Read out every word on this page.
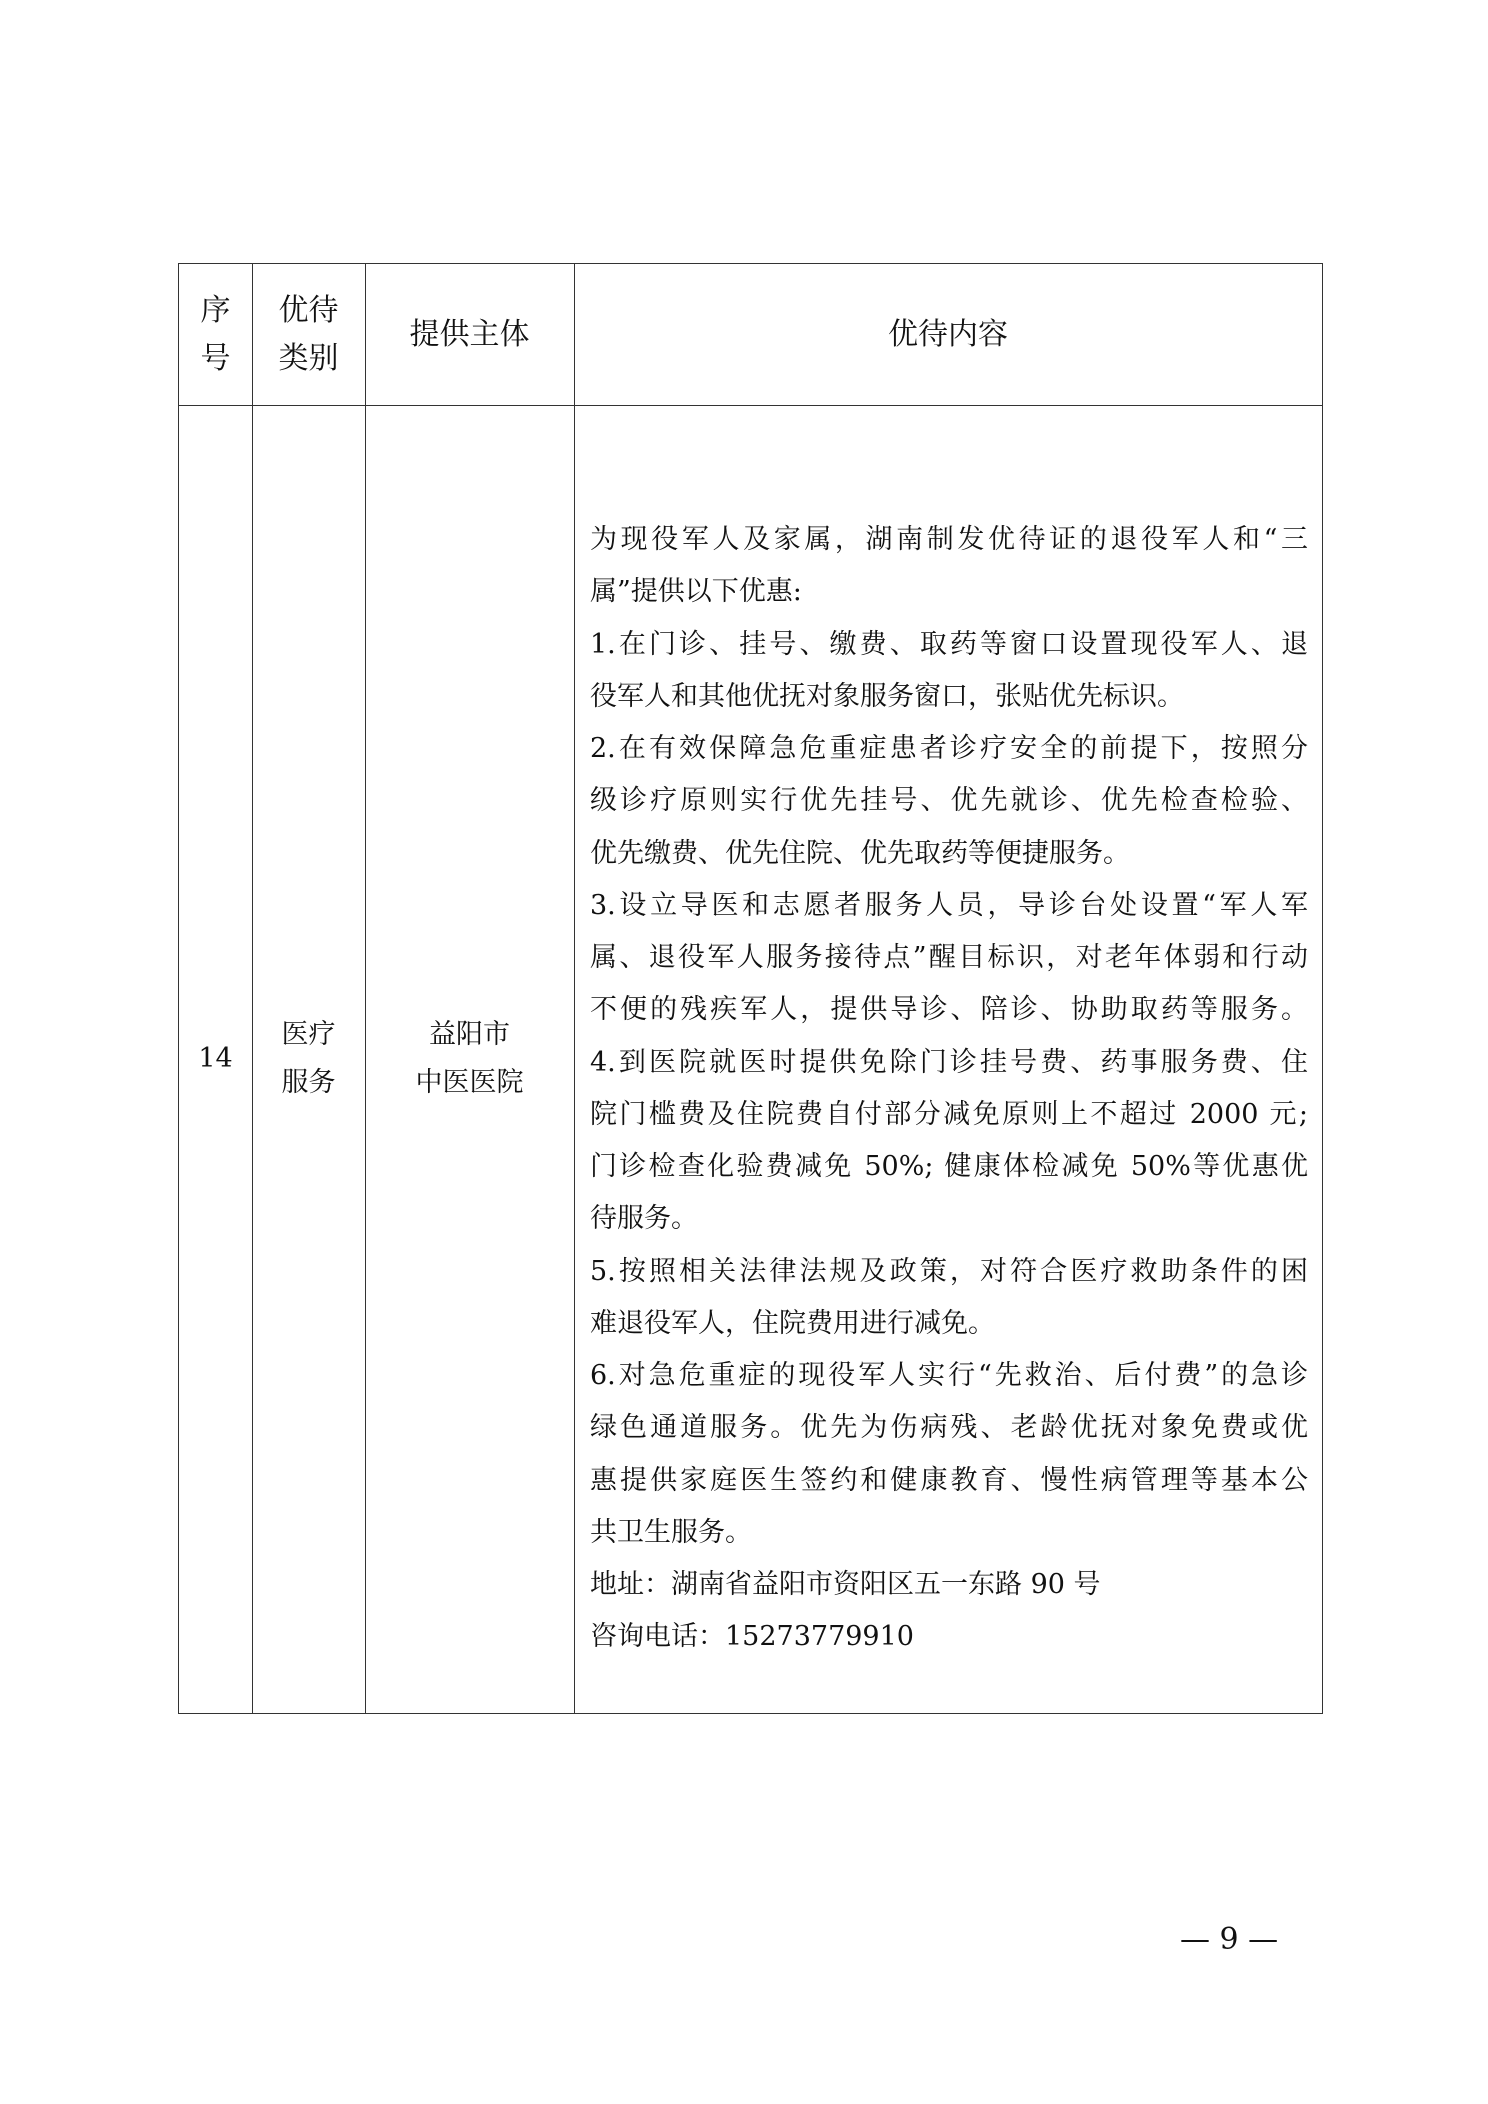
序
号
优待
类别
提供主体	优待内容
14
医疗
服务
益阳市
中医医院
为现役军人及家属，湖南制发优待证的退役军人和“三
属”提供以下优惠:
1.在门诊、挂号、缴费、取药等窗口设置现役军人、退
役军人和其他优抚对象服务窗口，张贴优先标识。
2.在有效保障急危重症患者诊疗安全的前提下，按照分
级诊疗原则实行优先挂号、优先就诊、优先检查检验、
优先缴费、优先住院、优先取药等便捷服务。
3.设立导医和志愿者服务人员，导诊台处设置“军人军
属、退役军人服务接待点”醒目标识，对老年体弱和行动
不便的残疾军人，提供导诊、陪诊、协助取药等服务。
4.到医院就医时提供免除门诊挂号费、药事服务费、住
院门槛费及住院费自付部分减免原则上不超过 2000 元;
门诊检查化验费减免 50%; 健康体检减免 50%等优惠优
待服务。
5.按照相关法律法规及政策，对符合医疗救助条件的困
难退役军人，住院费用进行减免。
6.对急危重症的现役军人实行“先救治、后付费”的急诊
绿色通道服务。优先为伤病残、老龄优抚对象免费或优
惠提供家庭医生签约和健康教育、慢性病管理等基本公
共卫生服务。
地址：湖南省益阳市资阳区五一东路 90 号
咨询电话：15273779910
— 9 —
